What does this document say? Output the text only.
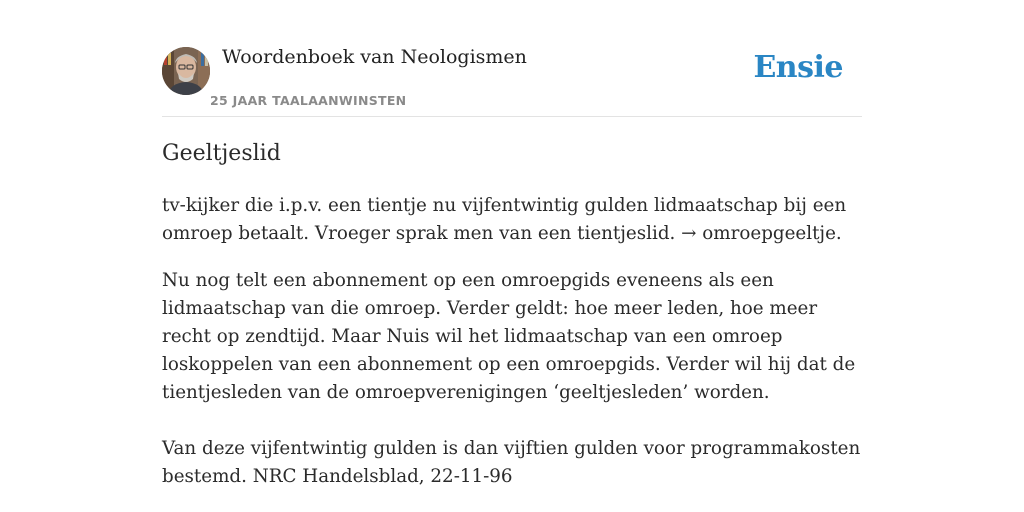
Woordenboek van Neologismen
25 JAAR TAALAANWINSTEN
Ensie
Geeltjeslid

tv-kijker die i.p.v. een tientje nu vijfentwintig gulden lidmaatschap bij een omroep betaalt. Vroeger sprak men van een tientjeslid. → omroepgeeltje.

Nu nog telt een abonnement op een omroepgids eveneens als een lidmaatschap van die omroep. Verder geldt: hoe meer leden, hoe meer recht op zendtijd. Maar Nuis wil het lidmaatschap van een omroep loskoppelen van een abonnement op een omroepgids. Verder wil hij dat de tientjesleden van de omroepverenigingen ‘geeltjesleden’ worden.

Van deze vijfentwintig gulden is dan vijftien gulden voor programmakosten bestemd. NRC Handelsblad, 22-11-96
